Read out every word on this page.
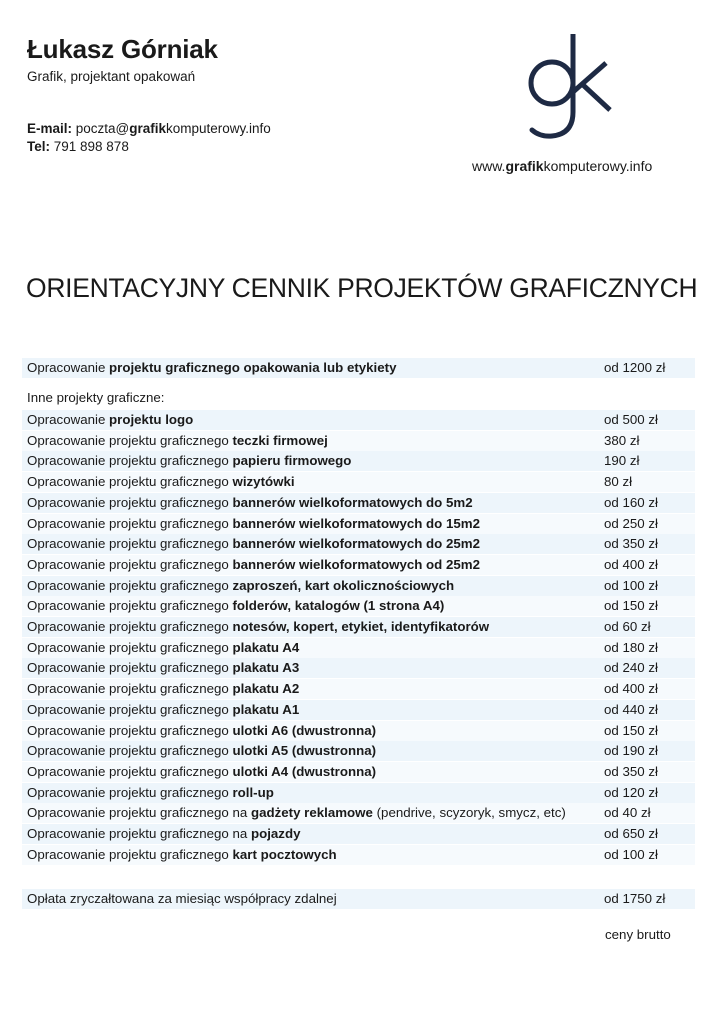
Łukasz Górniak
Grafik, projektant opakowań
E-mail: poczta@grafikkomputerowy.info
Tel: 791 898 878
www.grafikkomputerowy.info
ORIENTACYJNY CENNIK PROJEKTÓW GRAFICZNYCH
Opracowanie projektu graficznego opakowania lub etykiety	od 1200 zł
Inne projekty graficzne:
Opracowanie projektu logo	od 500 zł
Opracowanie projektu graficznego teczki firmowej	380 zł
Opracowanie projektu graficznego papieru firmowego	190 zł
Opracowanie projektu graficznego wizytówki	80 zł
Opracowanie projektu graficznego bannerów wielkoformatowych do 5m2	od 160 zł
Opracowanie projektu graficznego bannerów wielkoformatowych do 15m2	od 250 zł
Opracowanie projektu graficznego bannerów wielkoformatowych do 25m2	od 350 zł
Opracowanie projektu graficznego bannerów wielkoformatowych od 25m2	od 400 zł
Opracowanie projektu graficznego zaproszeń, kart okolicznościowych	od 100 zł
Opracowanie projektu graficznego folderów, katalogów (1 strona A4)	od 150 zł
Opracowanie projektu graficznego notesów, kopert, etykiet, identyfikatorów	od 60 zł
Opracowanie projektu graficznego plakatu A4	od 180 zł
Opracowanie projektu graficznego plakatu A3	od 240 zł
Opracowanie projektu graficznego plakatu A2	od 400 zł
Opracowanie projektu graficznego plakatu A1	od 440 zł
Opracowanie projektu graficznego ulotki A6 (dwustronna)	od 150 zł
Opracowanie projektu graficznego ulotki A5 (dwustronna)	od 190 zł
Opracowanie projektu graficznego ulotki A4 (dwustronna)	od 350 zł
Opracowanie projektu graficznego roll-up	od 120 zł
Opracowanie projektu graficznego na gadżety reklamowe (pendrive, scyzoryk, smycz, etc)	od 40 zł
Opracowanie projektu graficznego na pojazdy	od 650 zł
Opracowanie projektu graficznego kart pocztowych	od 100 zł
Opłata zryczałtowana za miesiąc współpracy zdalnej	od 1750 zł
ceny brutto
